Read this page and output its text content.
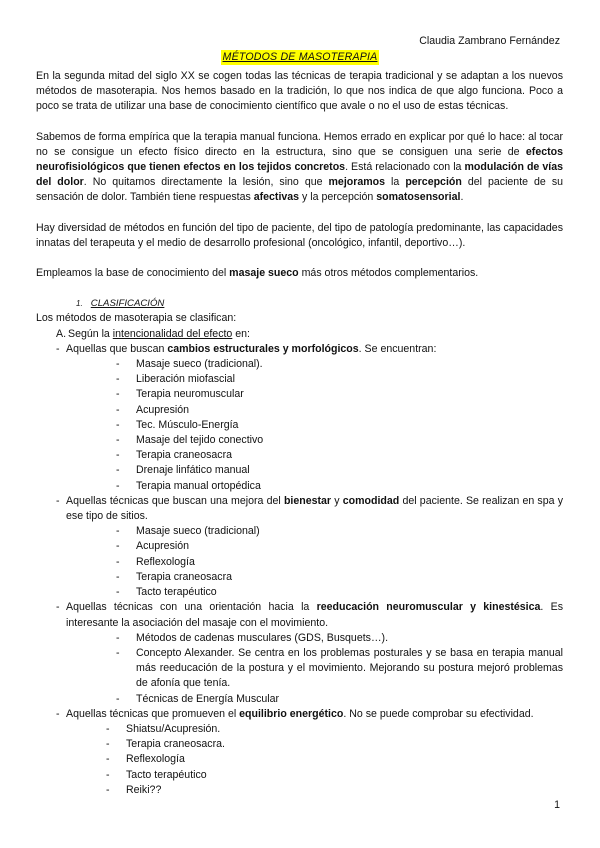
Claudia Zambrano Fernández
MÉTODOS DE MASOTERAPIA

En la segunda mitad del siglo XX se cogen todas las técnicas de terapia tradicional y se adaptan a los nuevos métodos de masoterapia. Nos hemos basado en la tradición, lo que nos indica de que algo funciona. Poco a poco se trata de utilizar una base de conocimiento científico que avale o no el uso de estas técnicas.

Sabemos de forma empírica que la terapia manual funciona. Hemos errado en explicar por qué lo hace: al tocar no se consigue un efecto físico directo en la estructura, sino que se consiguen una serie de efectos neurofisiológicos que tienen efectos en los tejidos concretos. Está relacionado con la modulación de vías del dolor. No quitamos directamente la lesión, sino que mejoramos la percepción del paciente de su sensación de dolor. También tiene respuestas afectivas y la percepción somatosensorial.

Hay diversidad de métodos en función del tipo de paciente, del tipo de patología predominante, las capacidades innatas del terapeuta y el medio de desarrollo profesional (oncológico, infantil, deportivo…).

Empleamos la base de conocimiento del masaje sueco más otros métodos complementarios.

1. CLASIFICACIÓN

Los métodos de masoterapia se clasifican:

A. Según la intencionalidad del efecto en:
- Aquellas que buscan cambios estructurales y morfológicos. Se encuentran:
- Masaje sueco (tradicional).
- Liberación miofascial
- Terapia neuromuscular
- Acupresión
- Tec. Músculo-Energía
- Masaje del tejido conectivo
- Terapia craneosacra
- Drenaje linfático manual
- Terapia manual ortopédica
- Aquellas técnicas que buscan una mejora del bienestar y comodidad del paciente. Se realizan en spa y ese tipo de sitios.
- Masaje sueco (tradicional)
- Acupresión
- Reflexología
- Terapia craneosacra
- Tacto terapéutico
- Aquellas técnicas con una orientación hacia la reeducación neuromuscular y kinestésica. Es interesante la asociación del masaje con el movimiento.
- Métodos de cadenas musculares (GDS, Busquets…).
- Concepto Alexander. Se centra en los problemas posturales y se basa en terapia manual más reeducación de la postura y el movimiento. Mejorando su postura mejoró problemas de afonía que tenía.
- Técnicas de Energía Muscular
- Aquellas técnicas que promueven el equilibrio energético. No se puede comprobar su efectividad.
- Shiatsu/Acupresión.
- Terapia craneosacra.
- Reflexología
- Tacto terapéutico
- Reiki??
1
